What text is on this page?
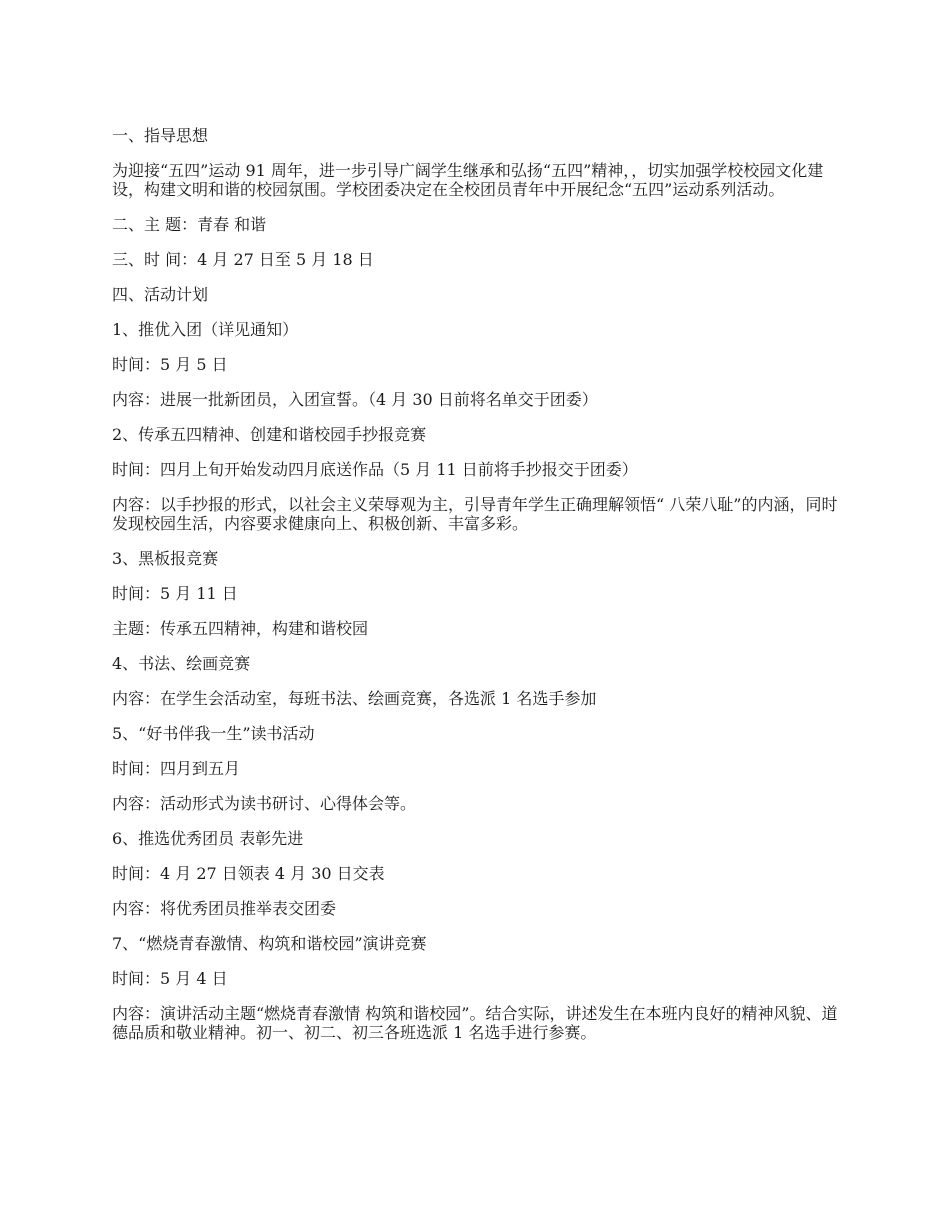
一、指导思想

为迎接“五四”运动 91 周年，进一步引导广阔学生继承和弘扬“五四”精神，，切实加强学校校园文化建设，构建文明和谐的校园氛围。学校团委决定在全校团员青年中开展纪念“五四”运动系列活动。

二、主 题：青春 和谐

三、时 间：4 月 27 日至 5 月 18 日

四、活动计划

1、推优入团（详见通知）

时间：5 月 5 日

内容：进展一批新团员，入团宣誓。（4 月 30 日前将名单交于团委）

2、传承五四精神、创建和谐校园手抄报竞赛

时间：四月上旬开始发动四月底送作品（5 月 11 日前将手抄报交于团委）

内容：以手抄报的形式，以社会主义荣辱观为主，引导青年学生正确理解领悟“ 八荣八耻”的内涵，同时发现校园生活，内容要求健康向上、积极创新、丰富多彩。

3、黑板报竞赛

时间：5 月 11 日

主题：传承五四精神，构建和谐校园

4、书法、绘画竞赛

内容：在学生会活动室，每班书法、绘画竞赛，各选派 1 名选手参加

5、“好书伴我一生”读书活动

时间：四月到五月

内容：活动形式为读书研讨、心得体会等。

6、推选优秀团员 表彰先进

时间：4 月 27 日领表 4 月 30 日交表

内容：将优秀团员推举表交团委

7、“燃烧青春激情、构筑和谐校园”演讲竞赛

时间：5 月 4 日

内容：演讲活动主题“燃烧青春激情 构筑和谐校园”。结合实际，讲述发生在本班内良好的精神风貌、道德品质和敬业精神。初一、初二、初三各班选派 1 名选手进行参赛。
